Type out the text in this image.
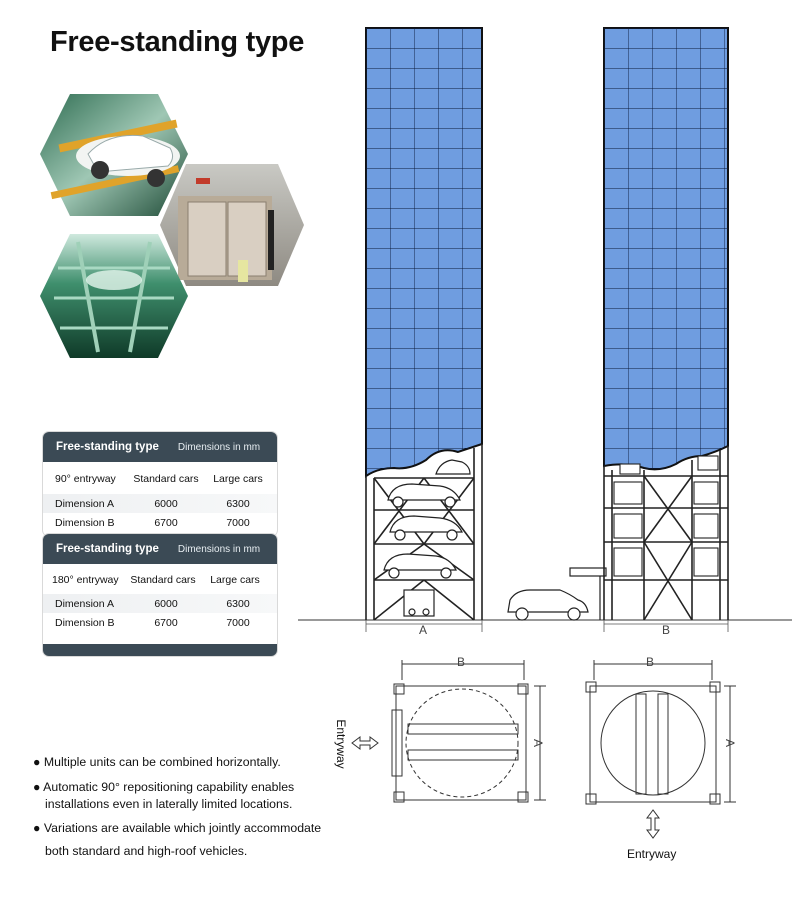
Free-standing type
Free-standing type Dimensions in mm
90° entryway	Standard cars	Large cars
Dimension A	6000	6300
Dimension B	6700	7000
Free-standing type Dimensions in mm
180° entryway	Standard cars	Large cars
Dimension A	6000	6300
Dimension B	6700	7000
A	B
B	B
A	A
Entryway
Entryway
● Multiple units can be combined horizontally.
● Automatic 90° repositioning capability enables
installations even in laterally limited locations.
● Variations are available which jointly accommodate
both standard and high-roof vehicles.
